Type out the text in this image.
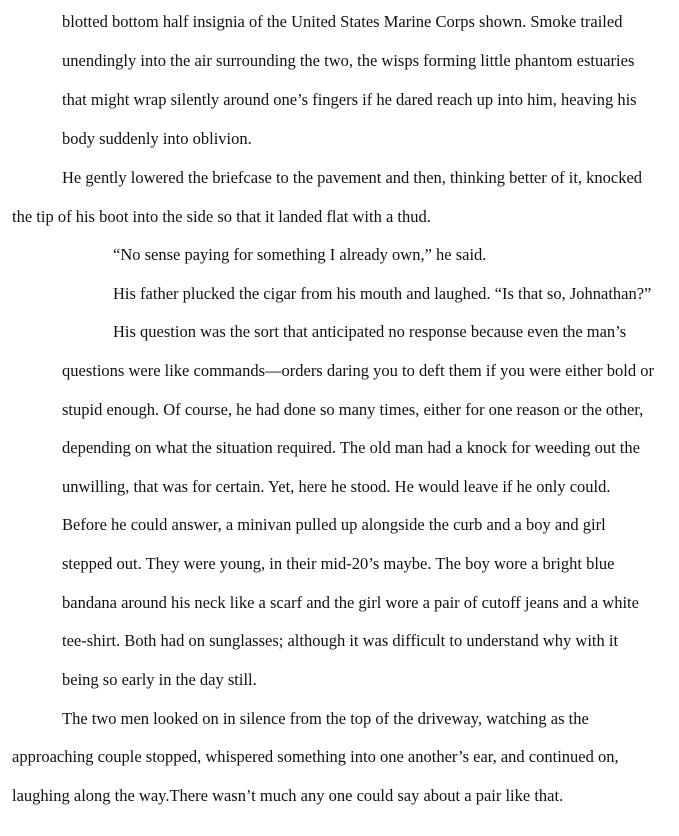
blotted bottom half insignia of the United States Marine Corps shown. Smoke trailed
unendingly into the air surrounding the two, the wisps forming little phantom estuaries
that might wrap silently around one’s fingers if he dared reach up into him, heaving his
body suddenly into oblivion.
He gently lowered the briefcase to the pavement and then, thinking better of it, knocked
the tip of his boot into the side so that it landed flat with a thud.
“No sense paying for something I already own,” he said.
His father plucked the cigar from his mouth and laughed. “Is that so, Johnathan?”
His question was the sort that anticipated no response because even the man’s
questions were like commands—orders daring you to deft them if you were either bold or
stupid enough. Of course, he had done so many times, either for one reason or the other,
depending on what the situation required. The old man had a knock for weeding out the
unwilling, that was for certain. Yet, here he stood. He would leave if he only could.
Before he could answer, a minivan pulled up alongside the curb and a boy and girl
stepped out. They were young, in their mid-20’s maybe. The boy wore a bright blue
bandana around his neck like a scarf and the girl wore a pair of cutoff jeans and a white
tee-shirt. Both had on sunglasses; although it was difficult to understand why with it
being so early in the day still.
The two men looked on in silence from the top of the driveway, watching as the
approaching couple stopped, whispered something into one another’s ear, and continued on,
laughing along the way.There wasn’t much any one could say about a pair like that.
